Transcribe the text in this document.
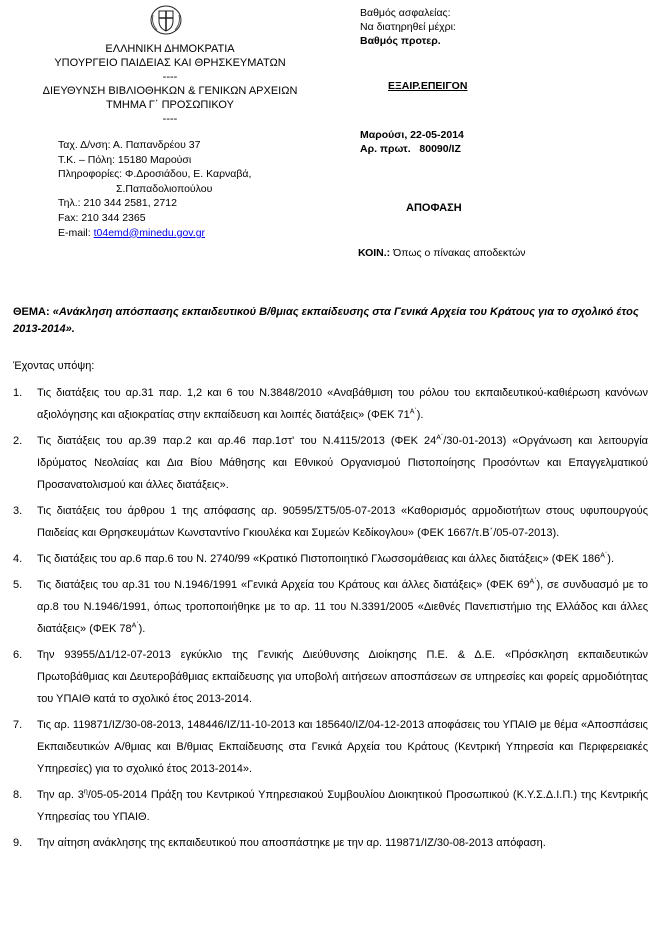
ΕΛΛΗΝΙΚΗ ΔΗΜΟΚΡΑΤΙΑ
ΥΠΟΥΡΓΕΙΟ ΠΑΙΔΕΙΑΣ ΚΑΙ ΘΡΗΣΚΕΥΜΑΤΩΝ
----
ΔΙΕΥΘΥΝΣΗ ΒΙΒΛΙΟΘΗΚΩΝ & ΓΕΝΙΚΩΝ ΑΡΧΕΙΩΝ
ΤΜΗΜΑ Γ΄ ΠΡΟΣΩΠΙΚΟΥ
----
Ταχ. Δ/νση: Α. Παπανδρέου 37
Τ.Κ. – Πόλη: 15180 Μαρούσι
Πληροφορίες: Φ.Δροσιάδου, Ε. Καρναβά,
Σ.Παπαδολιοπούλου
Τηλ.: 210 344 2581, 2712
Fax: 210 344 2365
E-mail: t04emd@minedu.gov.gr
Βαθμός ασφαλείας:
Να διατηρηθεί μέχρι:
Βαθμός προτερ.
ΕΞΑΙΡ.ΕΠΕΙΓΟΝ
Μαρούσι, 22-05-2014
Αρ. πρωτ. 80090/ΙΖ
ΑΠΟΦΑΣΗ
ΚΟΙΝ.: Όπως ο πίνακας αποδεκτών
ΘΕΜΑ: «Ανάκληση απόσπασης εκπαιδευτικού Β/θμιας εκπαίδευσης στα Γενικά Αρχεία του Κράτους για το σχολικό έτος 2013-2014».
Έχοντας υπόψη:
1. Τις διατάξεις του αρ.31 παρ. 1,2 και 6 του Ν.3848/2010 «Αναβάθμιση του ρόλου του εκπαιδευτικού-καθιέρωση κανόνων αξιολόγησης και αξιοκρατίας στην εκπαίδευση και λοιπές διατάξεις» (ΦΕΚ $71^{A΄}$).
2. Τις διατάξεις του αρ.39 παρ.2 και αρ.46 παρ.1στ' του Ν.4115/2013 (ΦΕΚ $24^{A΄}/30-01-2013$) «Οργάνωση και λειτουργία Ιδρύματος Νεολαίας και Δια Βίου Μάθησης και Εθνικού Οργανισμού Πιστοποίησης Προσόντων και Επαγγελματικού Προσανατολισμού και άλλες διατάξεις».
3. Τις διατάξεις του άρθρου 1 της απόφασης αρ. 90595/ΣΤ5/05-07-2013 «Καθορισμός αρμοδιοτήτων στους υφυπουργούς Παιδείας και Θρησκευμάτων Κωνσταντίνο Γκιουλέκα και Συμεών Κεδίκογλου» (ΦΕΚ 1667/τ.Β΄/05-07-2013).
4. Τις διατάξεις του αρ.6 παρ.6 του Ν. 2740/99 «Κρατικό Πιστοποιητικό Γλωσσομάθειας και άλλες διατάξεις» (ΦΕΚ $186^{A΄}$).
5. Τις διατάξεις του αρ.31 του Ν.1946/1991 «Γενικά Αρχεία του Κράτους και άλλες διατάξεις» (ΦΕΚ $69^{A΄}$), σε συνδυασμό με το αρ.8 του Ν.1946/1991, όπως τροποποιήθηκε με το αρ. 11 του Ν.3391/2005 «Διεθνές Πανεπιστήμιο της Ελλάδος και άλλες διατάξεις» (ΦΕΚ $78^{A΄}$).
6. Την 93955/Δ1/12-07-2013 εγκύκλιο της Γενικής Διεύθυνσης Διοίκησης Π.Ε. & Δ.Ε. «Πρόσκληση εκπαιδευτικών Πρωτοβάθμιας και Δευτεροβάθμιας εκπαίδευσης για υποβολή αιτήσεων αποσπάσεων σε υπηρεσίες και φορείς αρμοδιότητας του ΥΠΑΙΘ κατά το σχολικό έτος 2013-2014.
7. Τις αρ. 119871/ΙΖ/30-08-2013, 148446/ΙΖ/11-10-2013 και 185640/ΙΖ/04-12-2013 αποφάσεις του ΥΠΑΙΘ με θέμα «Αποσπάσεις Εκπαιδευτικών Α/θμιας και Β/θμιας Εκπαίδευσης στα Γενικά Αρχεία του Κράτους (Κεντρική Υπηρεσία και Περιφερειακές Υπηρεσίες) για το σχολικό έτος 2013-2014».
8. Την αρ. $3^\eta/05-05-2014$ Πράξη του Κεντρικού Υπηρεσιακού Συμβουλίου Διοικητικού Προσωπικού (Κ.Υ.Σ.Δ.Ι.Π.) της Κεντρικής Υπηρεσίας του ΥΠΑΙΘ.
9. Την αίτηση ανάκλησης της εκπαιδευτικού που αποσπάστηκε με την αρ. 119871/ΙΖ/30-08-2013 απόφαση.
